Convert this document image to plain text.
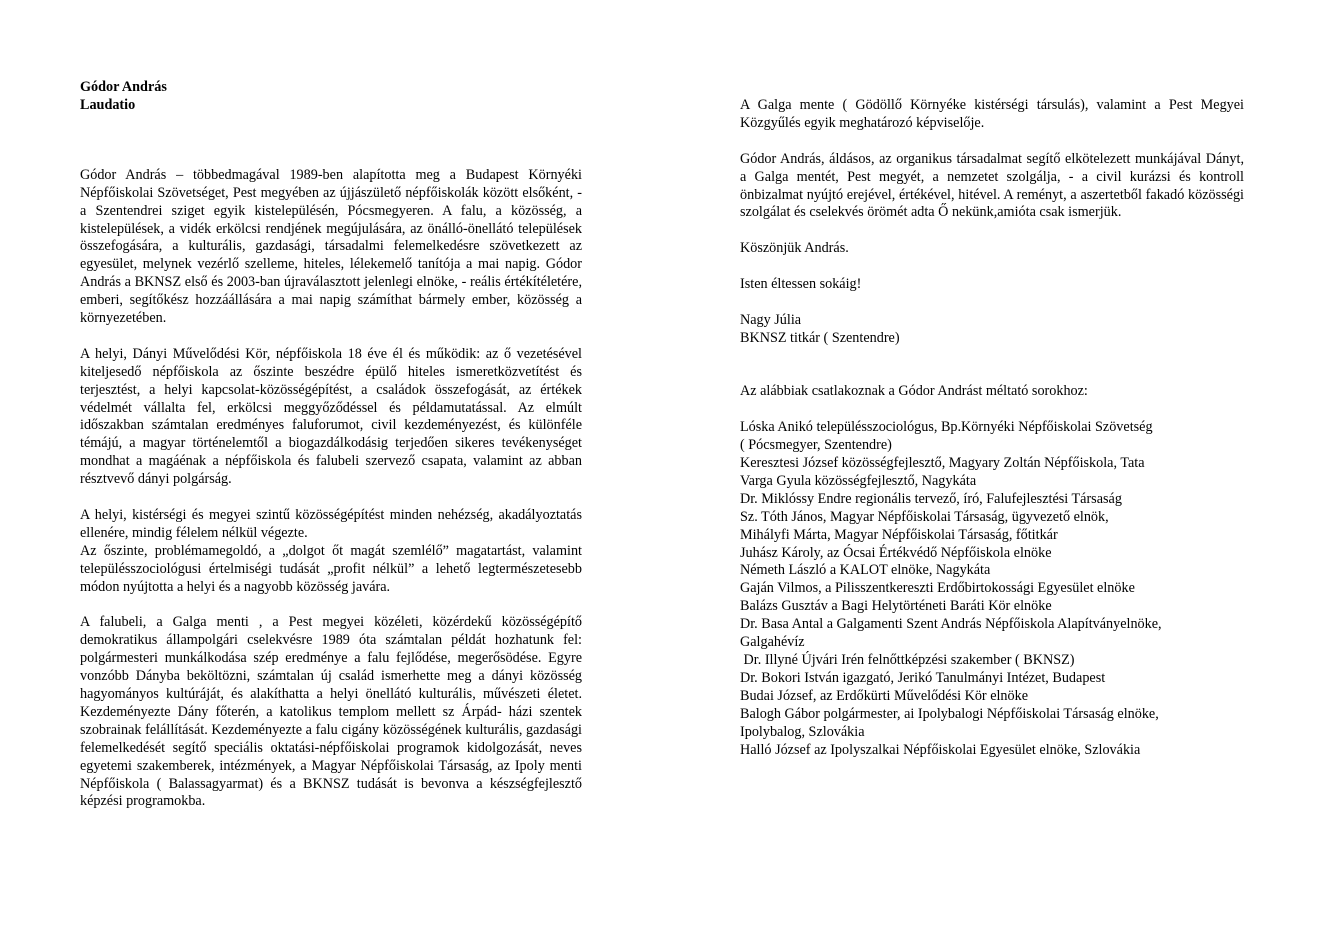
Gódor András

Laudatio

Gódor András – többedmagával 1989-ben alapította meg a Budapest Környéki Népfőiskolai Szövetséget, Pest megyében az újjászülető népfőiskolák között elsőként, - a Szentendrei sziget egyik kistelepülésén, Pócsmegyeren. A falu, a közösség, a kistelepülések, a vidék erkölcsi rendjének megújulására, az önálló-önellátó települések összefogására, a kulturális, gazdasági, társadalmi felemelkedésre szövetkezett az egyesület, melynek vezérlő szelleme, hiteles, lélekemelő tanítója a mai napig. Gódor András a BKNSZ első és 2003-ban újraválasztott jelenlegi elnöke, - reális értékítéletére, emberi, segítőkész hozzáállására a mai napig számíthat bármely ember, közösség a környezetében.

A helyi, Dányi Művelődési Kör, népfőiskola 18 éve él és működik: az ő vezetésével kiteljesedő népfőiskola az őszinte beszédre épülő hiteles ismeretközvetítést és terjesztést, a helyi kapcsolat-közösségépítést, a családok összefogását, az értékek védelmét vállalta fel, erkölcsi meggyőződéssel és példamutatással. Az elmúlt időszakban számtalan eredményes faluforumot, civil kezdeményezést, és különféle témájú, a magyar történelemtől a biogazdálkodásig terjedően sikeres tevékenységet mondhat a magáénak a népfőiskola és falubeli szervező csapata, valamint az abban résztvevő dányi polgárság.

A helyi, kistérségi és megyei szintű közösségépítést minden nehézség, akadályoztatás ellenére, mindig félelem nélkül végezte.

Az őszinte, problémamegoldó, a „dolgot őt magát szemlélő” magatartást, valamint településszociológusi értelmiségi tudását „profit nélkül” a lehető legtermészetesebb módon nyújtotta a helyi és a nagyobb közösség javára.

A falubeli, a Galga menti , a Pest megyei közéleti, közérdekű közösségépítő demokratikus állampolgári cselekvésre 1989 óta számtalan példát hozhatunk fel: polgármesteri munkálkodása szép eredménye a falu fejlődése, megerősödése. Egyre vonzóbb Dányba beköltözni, számtalan új család ismerhette meg a dányi közösség hagyományos kultúráját, és alakíthatta a helyi önellátó kulturális, művészeti életet. Kezdeményezte Dány főterén, a katolikus templom mellett sz Árpád- házi szentek szobrainak felállítását. Kezdeményezte a falu cigány közösségének kulturális, gazdasági felemelkedését segítő speciális oktatási-népfőiskolai programok kidolgozását, neves egyetemi szakemberek, intézmények, a Magyar Népfőiskolai Társaság, az Ipoly menti Népfőiskola ( Balassagyarmat) és a BKNSZ tudását is bevonva a készségfejlesztő képzési programokba.

A Galga mente ( Gödöllő Környéke kistérségi társulás), valamint a Pest Megyei Közgyűlés egyik meghatározó képviselője.

Gódor András, áldásos, az organikus társadalmat segítő elkötelezett munkájával Dányt, a Galga mentét, Pest megyét, a nemzetet szolgálja, - a civil kurázsi és kontroll önbizalmat nyújtó erejével, értékével, hitével. A reményt, a aszertetből fakadó közösségi szolgálat és cselekvés örömét adta Ő nekünk,amióta csak ismerjük.

Köszönjük András.

Isten éltessen sokáig!

Nagy Júlia

BKNSZ titkár ( Szentendre)

Az alábbiak csatlakoznak a Gódor Andrást méltató sorokhoz:

Lóska Anikó településszociológus, Bp.Környéki Népfőiskolai Szövetség
( Pócsmegyer, Szentendre)
Keresztesi József közösségfejlesztő, Magyary Zoltán Népfőiskola, Tata
Varga Gyula közösségfejlesztő, Nagykáta
Dr. Miklóssy Endre regionális tervező, író, Falufejlesztési Társaság
Sz. Tóth János, Magyar Népfőiskolai Társaság, ügyvezető elnök,
Mihályfi Márta, Magyar Népfőiskolai Társaság, főtitkár
Juhász Károly, az Ócsai Értékvédő Népfőiskola elnöke
Németh László a KALOT elnöke, Nagykáta
Gaján Vilmos, a Pilisszentkereszti Erdőbirtokossági Egyesület elnöke
Balázs Gusztáv a Bagi Helytörténeti Baráti Kör elnöke
Dr. Basa Antal a Galgamenti Szent András Népfőiskola Alapítványelnöke,
Galgahévíz
Dr. Illyné Újvári Irén felnőttképzési szakember ( BKNSZ)
Dr. Bokori István igazgató, Jerikó Tanulmányi Intézet, Budapest
Budai József, az Erdőkürti Művelődési Kör elnöke
Balogh Gábor polgármester, ai Ipolybalogi Népfőiskolai Társaság elnöke,
Ipolybalog, Szlovákia
Halló József az Ipolyszalkai Népfőiskolai Egyesület elnöke, Szlovákia
